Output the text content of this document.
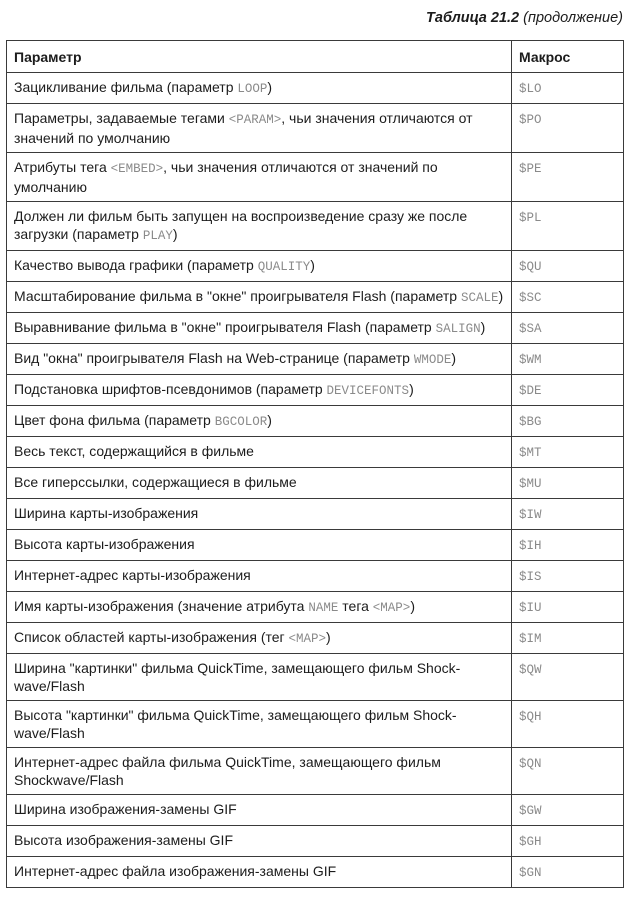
Таблица 21.2 (продолжение)
Параметр	Макрос
Зацикливание фильма (параметр LOOP)	$LO
Параметры, задаваемые тегами <PARAM>, чьи значения отличаются от значений по умолчанию	$PO
Атрибуты тега <EMBED>, чьи значения отличаются от значений по умолчанию	$PE
Должен ли фильм быть запущен на воспроизведение сразу же после загрузки (параметр PLAY)	$PL
Качество вывода графики (параметр QUALITY)	$QU
Масштабирование фильма в "окне" проигрывателя Flash (параметр SCALE)	$SC
Выравнивание фильма в "окне" проигрывателя Flash (параметр SALIGN)	$SA
Вид "окна" проигрывателя Flash на Web-странице (параметр WMODE)	$WM
Подстановка шрифтов-псевдонимов (параметр DEVICEFONTS)	$DE
Цвет фона фильма (параметр BGCOLOR)	$BG
Весь текст, содержащийся в фильме	$MT
Все гиперссылки, содержащиеся в фильме	$MU
Ширина карты-изображения	$IW
Высота карты-изображения	$IH
Интернет-адрес карты-изображения	$IS
Имя карты-изображения (значение атрибута NAME тега <MAP>)	$IU
Список областей карты-изображения (тег <MAP>)	$IM
Ширина "картинки" фильма QuickTime, замещающего фильм Shock-wave/Flash	$QW
Высота "картинки" фильма QuickTime, замещающего фильм Shock-wave/Flash	$QH
Интернет-адрес файла фильма QuickTime, замещающего фильм Shockwave/Flash	$QN
Ширина изображения-замены GIF	$GW
Высота изображения-замены GIF	$GH
Интернет-адрес файла изображения-замены GIF	$GN
